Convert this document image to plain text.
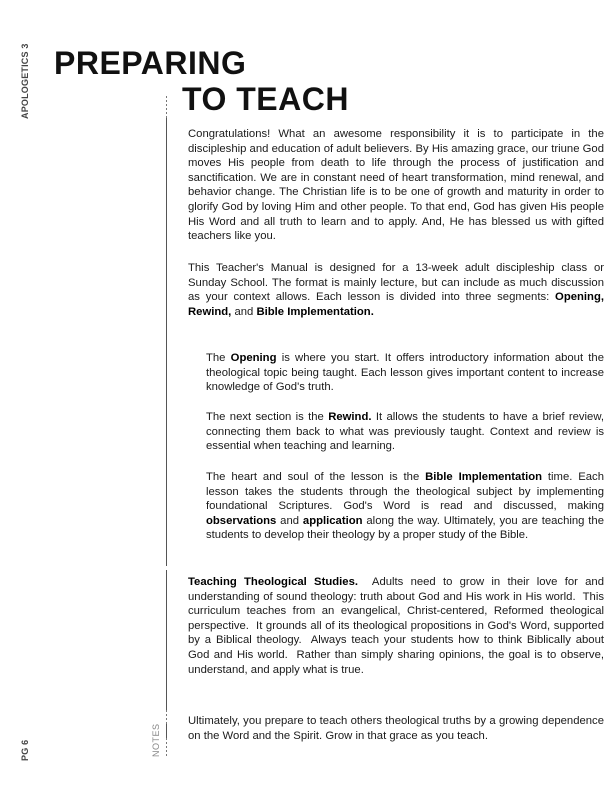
APOLOGETICS 3
PG 6	NOTES
PREPARING
TO TEACH

Congratulations! What an awesome responsibility it is to participate in the discipleship and education of adult believers. By His amazing grace, our triune God moves His people from death to life through the process of justification and sanctification. We are in constant need of heart transformation, mind renewal, and behavior change. The Christian life is to be one of growth and maturity in order to glorify God by loving Him and other people. To that end, God has given His people His Word and all truth to learn and to apply. And, He has blessed us with gifted teachers like you.

This Teacher's Manual is designed for a 13-week adult discipleship class or Sunday School. The format is mainly lecture, but can include as much discussion as your context allows. Each lesson is divided into three segments: Opening, Rewind, and Bible Implementation.

The Opening is where you start. It offers introductory information about the theological topic being taught. Each lesson gives important content to increase knowledge of God's truth.

The next section is the Rewind. It allows the students to have a brief review, connecting them back to what was previously taught. Context and review is essential when teaching and learning.

The heart and soul of the lesson is the Bible Implementation time. Each lesson takes the students through the theological subject by implementing foundational Scriptures. God's Word is read and discussed, making observations and application along the way. Ultimately, you are teaching the students to develop their theology by a proper study of the Bible.

Teaching Theological Studies.  Adults need to grow in their love for and understanding of sound theology: truth about God and His work in His world.  This curriculum teaches from an evangelical, Christ-centered, Reformed theological perspective.  It grounds all of its theological propositions in God's Word, supported by a Biblical theology.  Always teach your students how to think Biblically about God and His world.  Rather than simply sharing opinions, the goal is to observe, understand, and apply what is true.

Ultimately, you prepare to teach others theological truths by a growing dependence on the Word and the Spirit. Grow in that grace as you teach.
